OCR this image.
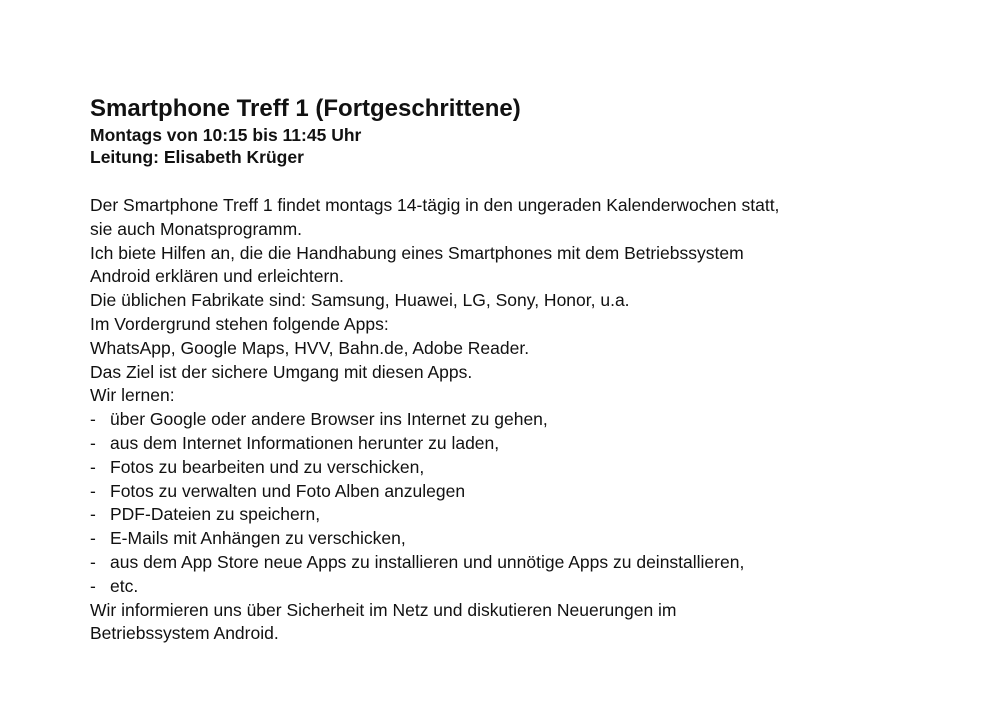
Smartphone Treff 1 (Fortgeschrittene)

Montags von 10:15 bis 11:45 Uhr

Leitung: Elisabeth Krüger

Der Smartphone Treff 1 findet montags 14-tägig in den ungeraden Kalenderwochen statt,

sie auch Monatsprogramm.

Ich biete Hilfen an, die die Handhabung eines Smartphones mit dem Betriebssystem

Android erklären und erleichtern.

Die üblichen Fabrikate sind: Samsung, Huawei, LG, Sony, Honor, u.a.

Im Vordergrund stehen folgende Apps:

WhatsApp, Google Maps, HVV, Bahn.de, Adobe Reader.

Das Ziel ist der sichere Umgang mit diesen Apps.

Wir lernen:

- über Google oder andere Browser ins Internet zu gehen,
- aus dem Internet Informationen herunter zu laden,
- Fotos zu bearbeiten und zu verschicken,
- Fotos zu verwalten und Foto Alben anzulegen
- PDF-Dateien zu speichern,
- E-Mails mit Anhängen zu verschicken,
- aus dem App Store neue Apps zu installieren und unnötige Apps zu deinstallieren,
- etc.

Wir informieren uns über Sicherheit im Netz und diskutieren Neuerungen im

Betriebssystem Android.
